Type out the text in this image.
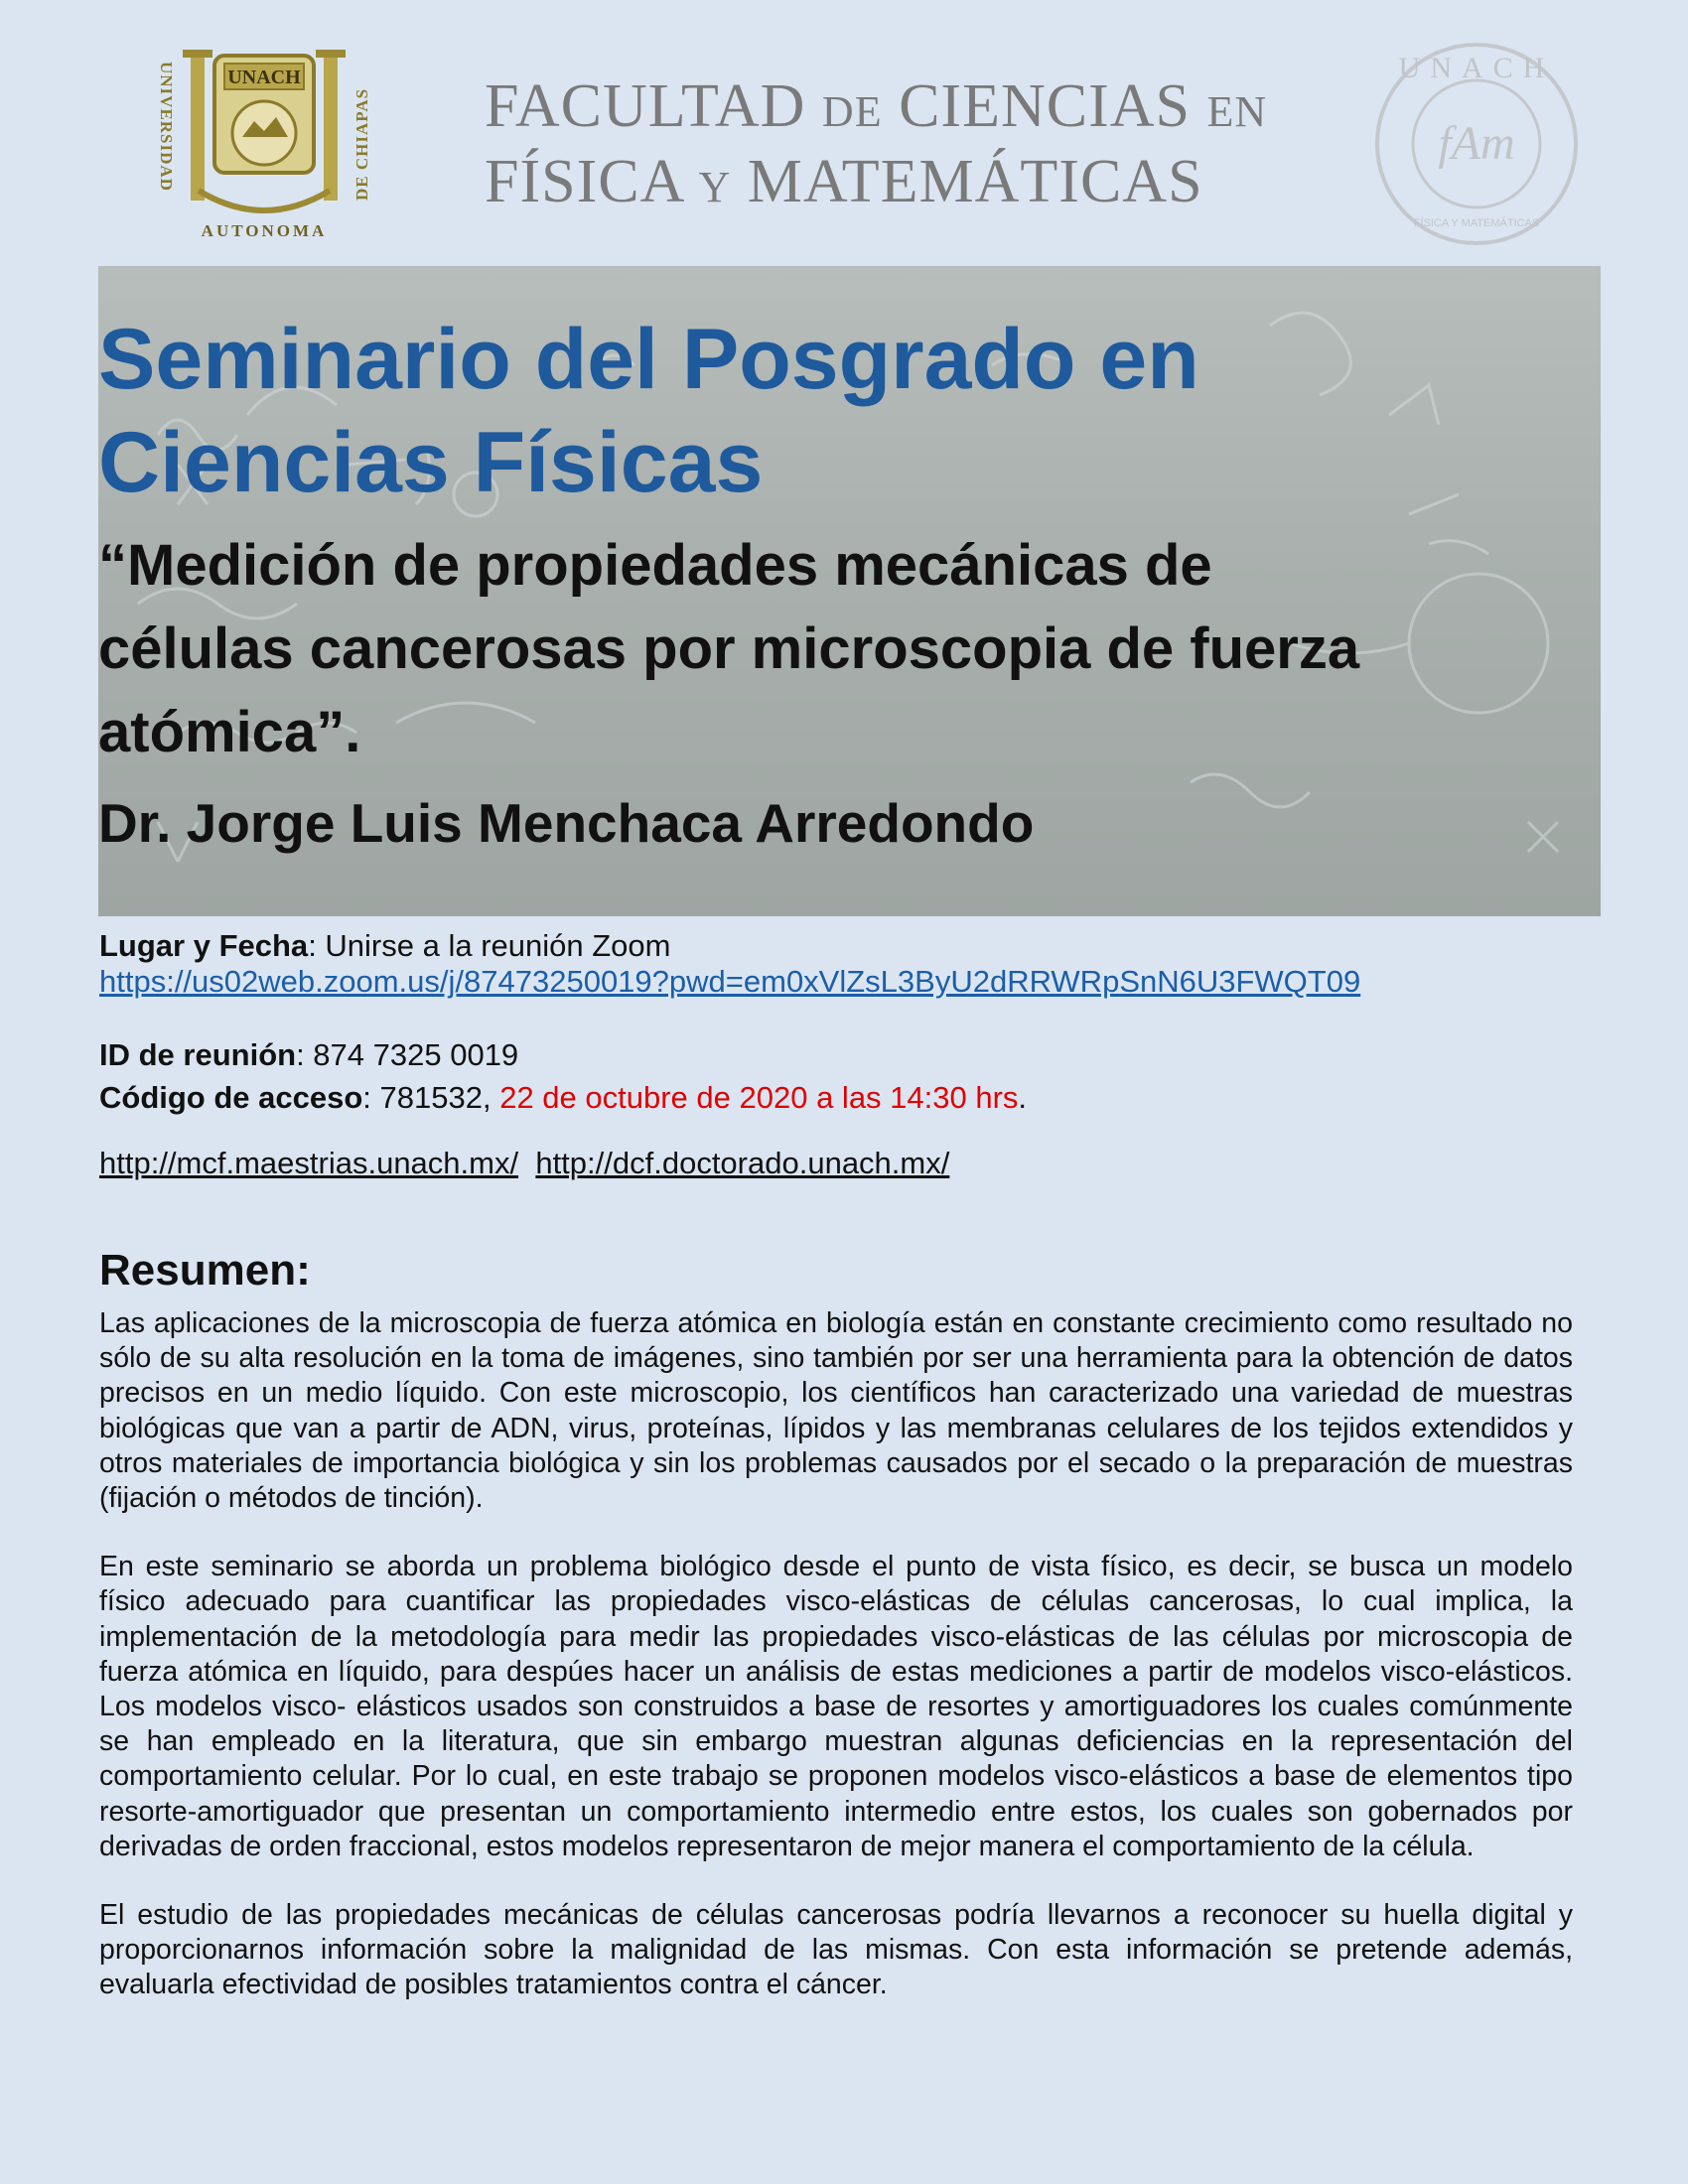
UNIVERSIDAD	DE CHIAPAS
UNACH
AUTONOMA
FACULTAD DE CIENCIAS EN
FÍSICA Y MATEMÁTICAS
UNACH
fAm
FÍSICA Y MATEMÁTICAS
Seminario del Posgrado en
Ciencias Físicas
“Medición de propiedades mecánicas de
células cancerosas por microscopia de fuerza
atómica”.
Dr. Jorge Luis Menchaca Arredondo
Lugar y Fecha: Unirse a la reunión Zoom
https://us02web.zoom.us/j/87473250019?pwd=em0xVlZsL3ByU2dRRWRpSnN6U3FWQT09
ID de reunión: 874 7325 0019
Código de acceso: 781532, 22 de octubre de 2020 a las 14:30 hrs.
http://mcf.maestrias.unach.mx/ http://dcf.doctorado.unach.mx/
Resumen:

Las aplicaciones de la microscopia de fuerza atómica en biología están en constante crecimiento como resultado no sólo de su alta resolución en la toma de imágenes, sino también por ser una herramienta para la obtención de datos precisos en un medio líquido. Con este microscopio, los científicos han caracterizado una variedad de muestras biológicas que van a partir de ADN, virus, proteínas, lípidos y las membranas celulares de los tejidos extendidos y otros materiales de importancia biológica y sin los problemas causados por el secado o la preparación de muestras (fijación o métodos de tinción).

En este seminario se aborda un problema biológico desde el punto de vista físico, es decir, se busca un modelo físico adecuado para cuantificar las propiedades visco-elásticas de células cancerosas, lo cual implica, la implementación de la metodología para medir las propiedades visco-elásticas de las células por microscopia de fuerza atómica en líquido, para despúes hacer un análisis de estas mediciones a partir de modelos visco-elásticos. Los modelos visco- elásticos usados son construidos a base de resortes y amortiguadores los cuales comúnmente se han empleado en la literatura, que sin embargo muestran algunas deficiencias en la representación del comportamiento celular. Por lo cual, en este trabajo se proponen modelos visco-elásticos a base de elementos tipo resorte-amortiguador que presentan un comportamiento intermedio entre estos, los cuales son gobernados por derivadas de orden fraccional, estos modelos representaron de mejor manera el comportamiento de la célula.

El estudio de las propiedades mecánicas de células cancerosas podría llevarnos a reconocer su huella digital y proporcionarnos información sobre la malignidad de las mismas. Con esta información se pretende además, evaluarla efectividad de posibles tratamientos contra el cáncer.
